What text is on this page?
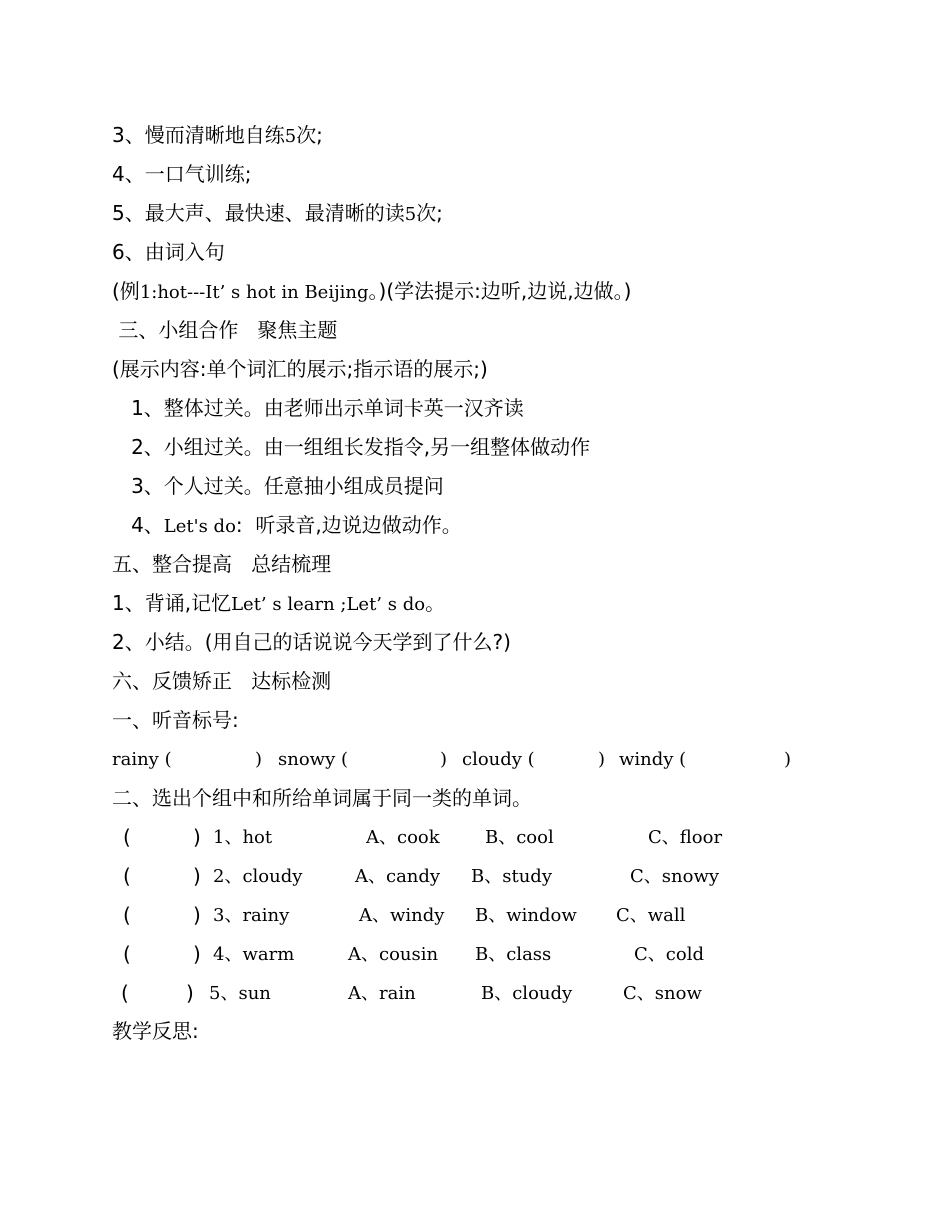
3、慢而清晰地自练5次;
4、一口气训练;
5、最大声、最快速、最清晰的读5次;
6、由词入句
(例1:hot---It’ s hot in Beijing。)(学法提示:边听,边说,边做。)
三、小组合作   聚焦主题
(展示内容:单个词汇的展示;指示语的展示;)
1、整体过关。由老师出示单词卡英一汉齐读
2、小组过关。由一组组长发指令,另一组整体做动作
3、个人过关。任意抽小组成员提问
4、Let's do:  听录音,边说边做动作。
五、整合提高   总结梳理
1、背诵,记忆Let’ s learn ;Let’ s do。
2、小结。(用自己的话说说今天学到了什么?)
六、反馈矫正   达标检测
一、听音标号:
rainy (	) snowy (	) cloudy (	) windy (	)
二、选出个组中和所给单词属于同一类的单词。
(	) 1、hot	A、cook	B、cool	C、floor
(	) 2、cloudy	A、candy B、study	C、snowy
(	) 3、rainy	A、windy B、window C、wall
(	) 4、warm	A、cousin B、class	C、cold
(	) 5、sun	A、rain	B、cloudy	C、snow
教学反思:
